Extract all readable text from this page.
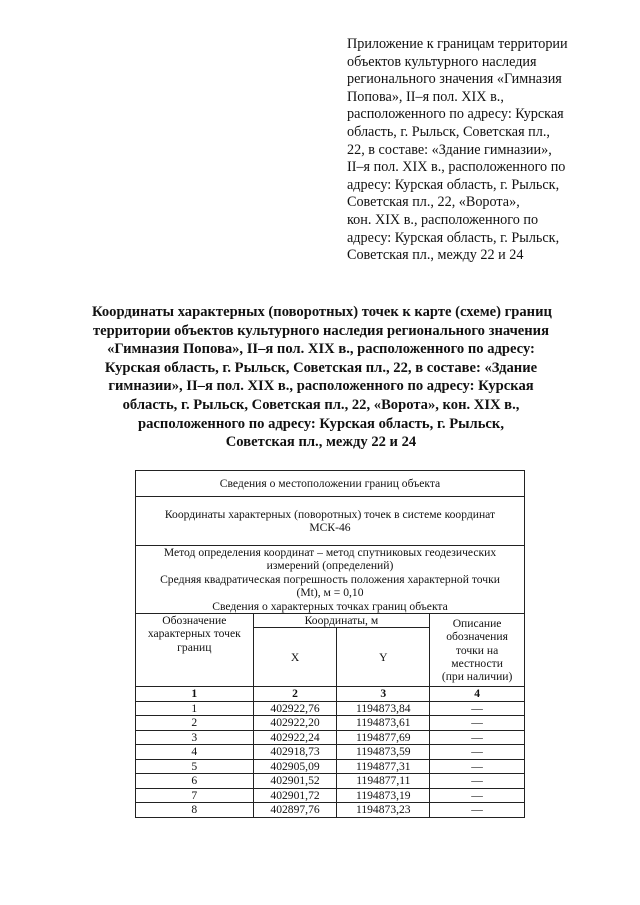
Приложение к границам территории
объектов культурного наследия
регионального значения «Гимназия
Попова», II–я пол. XIX в.,
расположенного по адресу: Курская
область, г. Рыльск, Советская пл.,
22, в составе: «Здание гимназии»,
II–я пол. XIX в., расположенного по
адресу: Курская область, г. Рыльск,
Советская пл., 22, «Ворота»,
кон. XIX в., расположенного по
адресу: Курская область, г. Рыльск,
Советская пл., между 22 и 24
Координаты характерных (поворотных) точек к карте (схеме) границ
территории объектов культурного наследия регионального значения
«Гимназия Попова», II–я пол. XIX в., расположенного по адресу:
Курская область, г. Рыльск, Советская пл., 22, в составе: «Здание
гимназии», II–я пол. XIX в., расположенного по адресу: Курская
область, г. Рыльск, Советская пл., 22, «Ворота», кон. XIX в.,
расположенного по адресу: Курская область, г. Рыльск,
Советская пл., между 22 и 24
Сведения о местоположении границ объекта			

Координаты характерных (поворотных) точек в системе координат
МСК-46			

Метод определения координат – метод спутниковых геодезических
измерений (определений)
Средняя квадратическая погрешность положения характерной точки
(Mt), м = 0,10
Сведения о характерных точках границ объекта			

Обозначение
характерных точек
границ	Координаты, м		Описание
обозначения
точки на
местности
(при наличии)

	X	Y	
1	2	3	4
1	402922,76	1194873,84	—
2	402922,20	1194873,61	—
3	402922,24	1194877,69	—
4	402918,73	1194873,59	—
5	402905,09	1194877,31	—
6	402901,52	1194877,11	—
7	402901,72	1194873,19	—
8	402897,76	1194873,23	—
